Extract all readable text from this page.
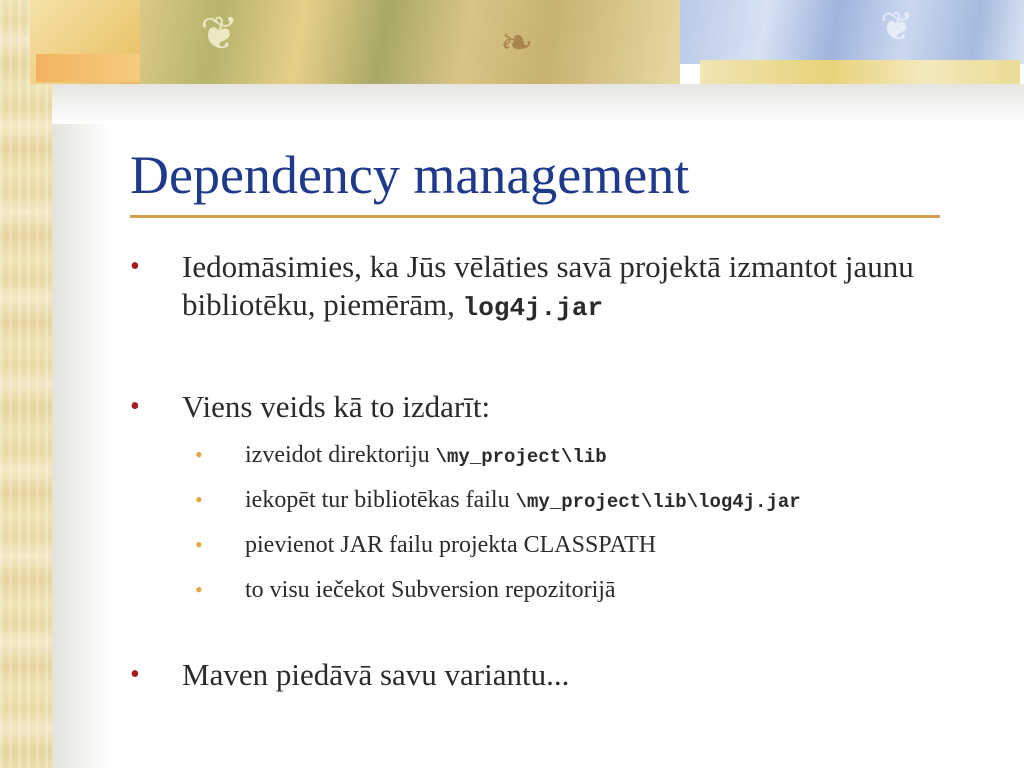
❦	❧	❦
Dependency management
•	Iedomāsimies, ka Jūs vēlāties savā projektā izmantot jaunu bibliotēku, piemērām, log4j.jar
•	Viens veids kā to izdarīt:
•	izveidot direktoriju \my_project\lib
•	iekopēt tur bibliotēkas failu \my_project\lib\log4j.jar
•	pievienot JAR failu projekta CLASSPATH
•	to visu iečekot Subversion repozitorijā
•	Maven piedāvā savu variantu...
